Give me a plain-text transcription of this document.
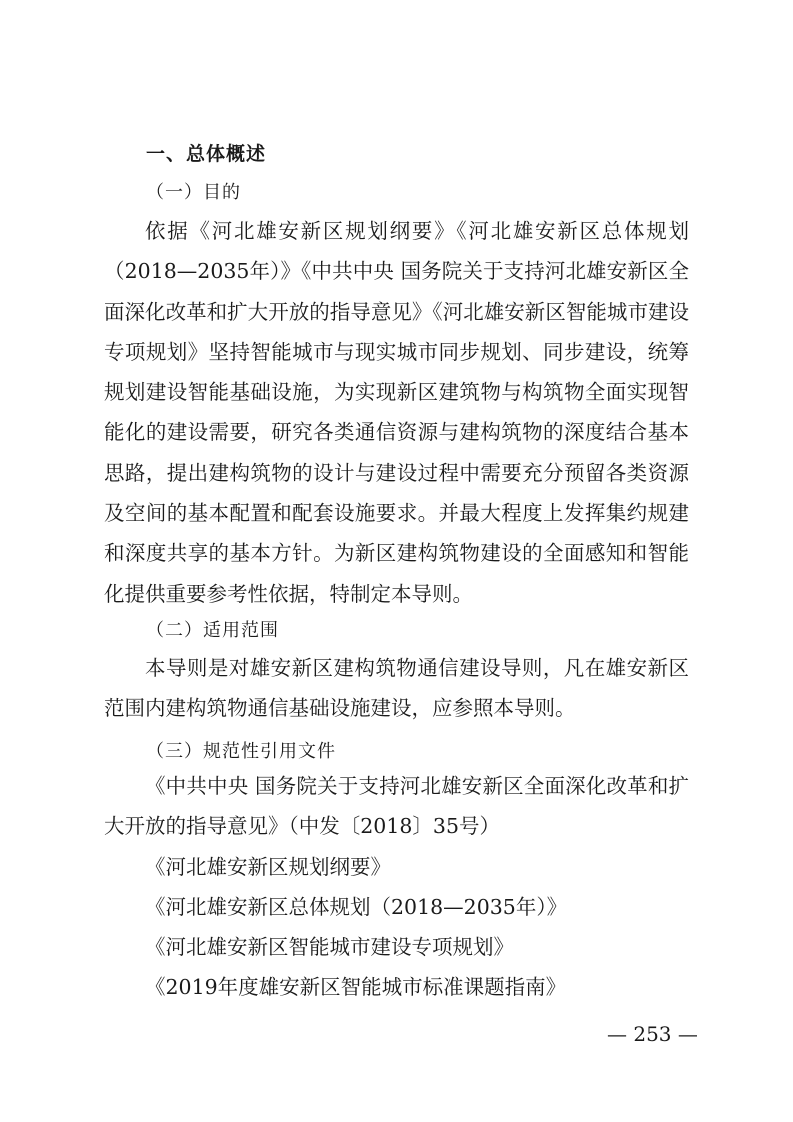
一、总体概述
（一）目的

依据《河北雄安新区规划纲要》《河北雄安新区总体规划（2018—2035年）》《中共中央 国务院关于支持河北雄安新区全面深化改革和扩大开放的指导意见》《河北雄安新区智能城市建设专项规划》坚持智能城市与现实城市同步规划、同步建设，统筹规划建设智能基础设施，为实现新区建筑物与构筑物全面实现智能化的建设需要，研究各类通信资源与建构筑物的深度结合基本思路，提出建构筑物的设计与建设过程中需要充分预留各类资源及空间的基本配置和配套设施要求。并最大程度上发挥集约规建和深度共享的基本方针。为新区建构筑物建设的全面感知和智能化提供重要参考性依据，特制定本导则。

（二）适用范围

本导则是对雄安新区建构筑物通信建设导则，凡在雄安新区范围内建构筑物通信基础设施建设，应参照本导则。

（三）规范性引用文件
《中共中央 国务院关于支持河北雄安新区全面深化改革和扩大开放的指导意见》（中发〔2018〕35号）
《河北雄安新区规划纲要》
《河北雄安新区总体规划（2018—2035年）》
《河北雄安新区智能城市建设专项规划》
《2019年度雄安新区智能城市标准课题指南》
— 253 —
